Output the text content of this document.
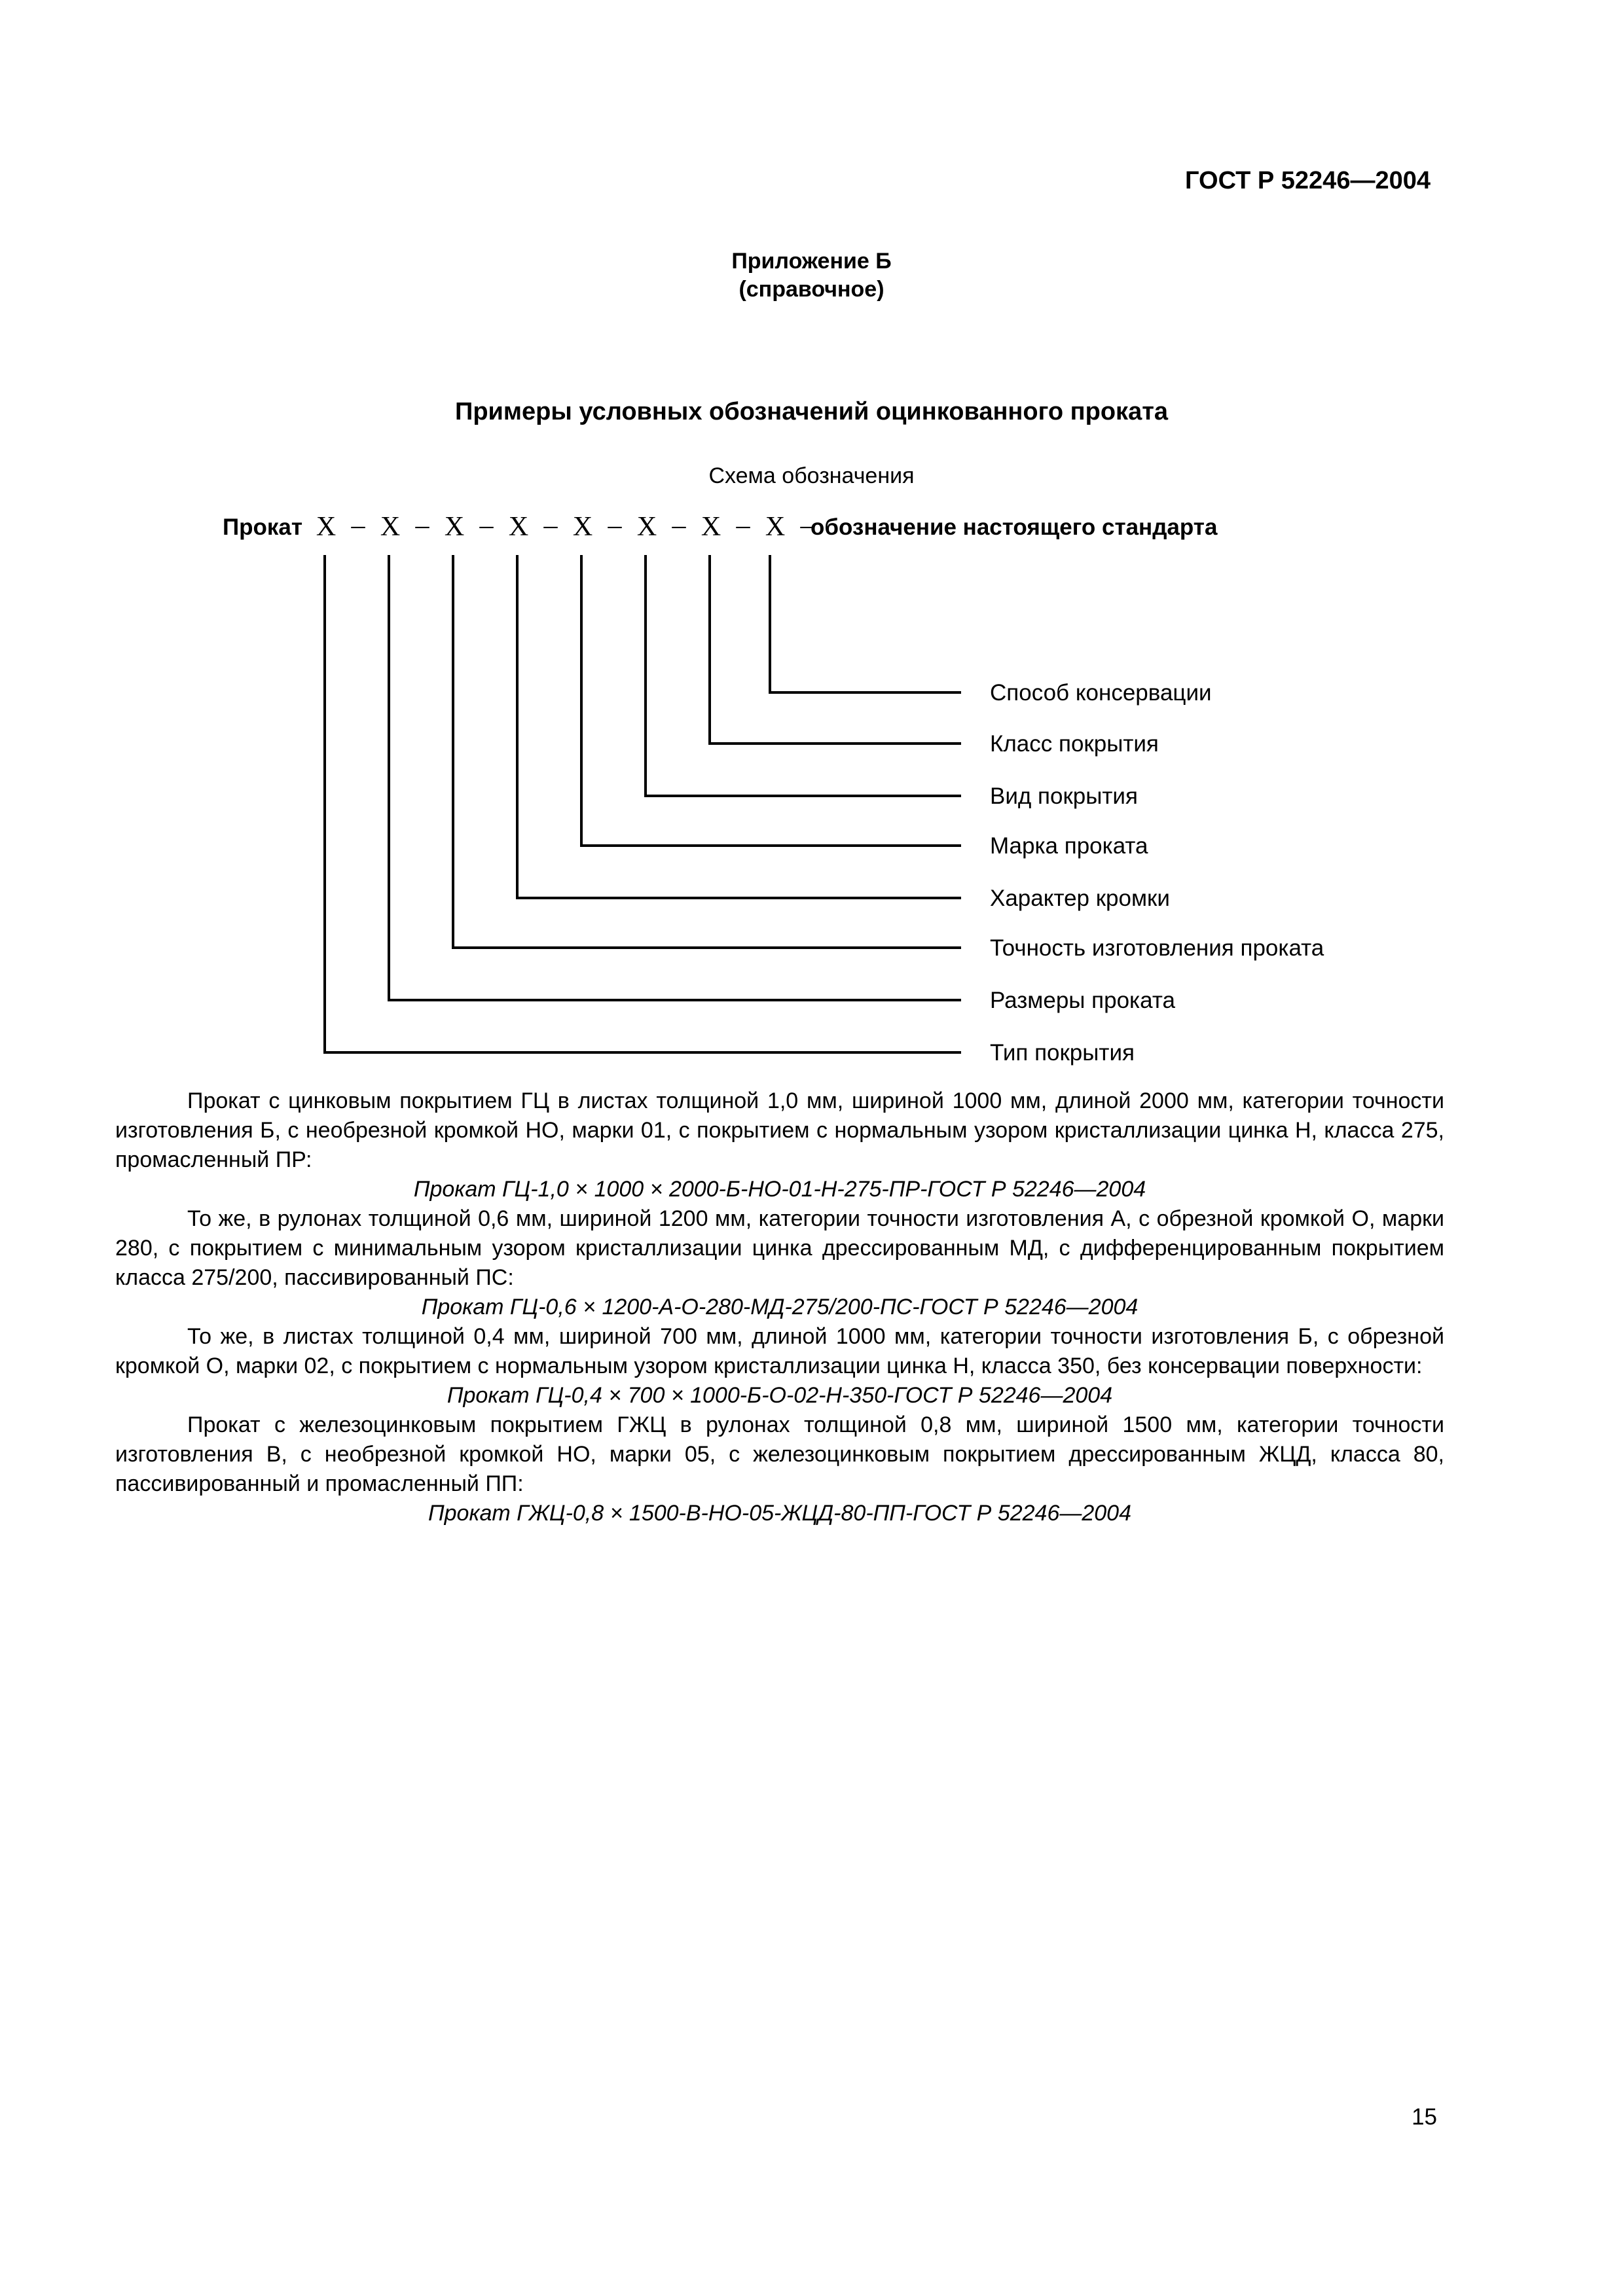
ГОСТ Р 52246—2004
Приложение Б
(справочное)
Примеры условных обозначений оцинкованного проката
Схема обозначения
Прокат X – X – X – X – X – X – X – X –
обозначение настоящего стандарта
Способ консервации
Класс покрытия
Вид покрытия
Марка проката
Характер кромки
Точность изготовления проката
Размеры проката
Тип покрытия

Прокат с цинковым покрытием ГЦ в листах толщиной 1,0 мм, шириной 1000 мм, длиной 2000 мм, категории точности изготовления Б, с необрезной кромкой НО, марки 01, с покрытием с нормальным узором кристаллизации цинка Н, класса 275, промасленный ПР:

Прокат ГЦ-1,0 × 1000 × 2000-Б-НО-01-Н-275-ПР-ГОСТ Р 52246—2004

То же, в рулонах толщиной 0,6 мм, шириной 1200 мм, категории точности изготовления А, с обрезной кромкой О, марки 280, с покрытием с минимальным узором кристаллизации цинка дрессированным МД, с дифференцированным покрытием класса 275/200, пассивированный ПС:

Прокат ГЦ-0,6 × 1200-А-О-280-МД-275/200-ПС-ГОСТ Р 52246—2004

То же, в листах толщиной 0,4 мм, шириной 700 мм, длиной 1000 мм, категории точности изготовления Б, с обрезной кромкой О, марки 02, с покрытием с нормальным узором кристаллизации цинка Н, класса 350, без консервации поверхности:

Прокат ГЦ-0,4 × 700 × 1000-Б-О-02-Н-350-ГОСТ Р 52246—2004

Прокат с железоцинковым покрытием ГЖЦ в рулонах толщиной 0,8 мм, шириной 1500 мм, категории точности изготовления В, с необрезной кромкой НО, марки 05, с железоцинковым покрытием дрессированным ЖЦД, класса 80, пассивированный и промасленный ПП:

Прокат ГЖЦ-0,8 × 1500-В-НО-05-ЖЦД-80-ПП-ГОСТ Р 52246—2004

15
